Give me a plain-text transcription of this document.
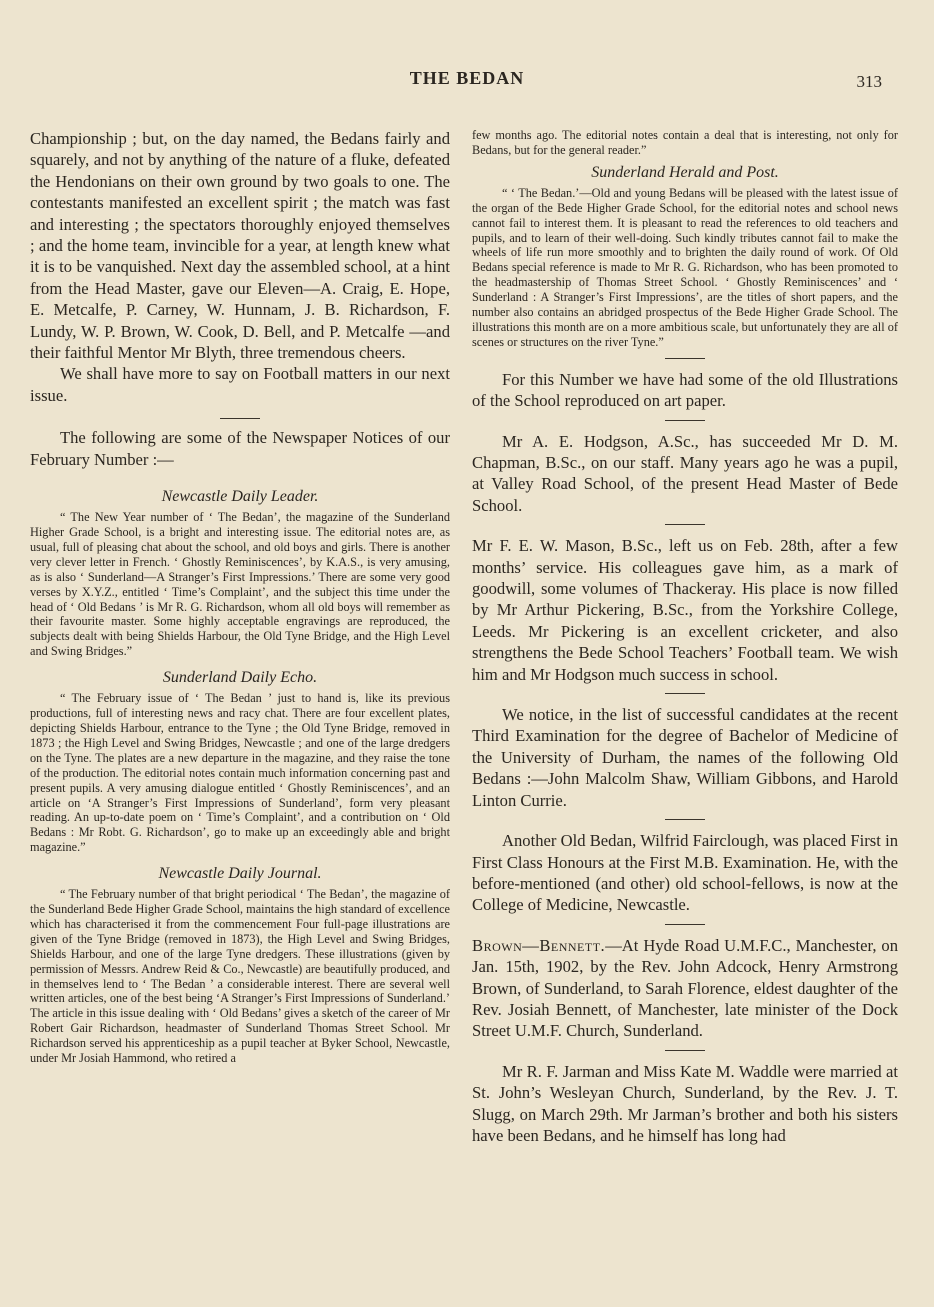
THE BEDAN	313

Championship ; but, on the day named, the Bedans fairly and squarely, and not by anything of the nature of a fluke, defeated the Hendonians on their own ground by two goals to one. The contestants manifested an excellent spirit ; the match was fast and interesting ; the spectators thoroughly enjoyed themselves ; and the home team, invincible for a year, at length knew what it is to be vanquished. Next day the assembled school, at a hint from the Head Master, gave our Eleven—A. Craig, E. Hope, E. Metcalfe, P. Carney, W. Hunnam, J. B. Richardson, F. Lundy, W. P. Brown, W. Cook, D. Bell, and P. Metcalfe —and their faithful Mentor Mr Blyth, three tremendous cheers.

We shall have more to say on Football matters in our next issue.

The following are some of the Newspaper Notices of our February Number :—

Newcastle Daily Leader.

“ The New Year number of ‘ The Bedan’, the magazine of the Sunderland Higher Grade School, is a bright and interesting issue. The editorial notes are, as usual, full of pleasing chat about the school, and old boys and girls. There is another very clever letter in French. ‘ Ghostly Reminiscences’, by K.A.S., is very amusing, as is also ‘ Sunderland—A Stranger’s First Impressions.’ There are some very good verses by X.Y.Z., entitled ‘ Time’s Complaint’, and the subject this time under the head of ‘ Old Bedans ’ is Mr R. G. Richardson, whom all old boys will remember as their favourite master. Some highly acceptable engravings are reproduced, the subjects dealt with being Shields Harbour, the Old Tyne Bridge, and the High Level and Swing Bridges.”

Sunderland Daily Echo.

“ The February issue of ‘ The Bedan ’ just to hand is, like its previous productions, full of interesting news and racy chat. There are four excellent plates, depicting Shields Harbour, entrance to the Tyne ; the Old Tyne Bridge, removed in 1873 ; the High Level and Swing Bridges, Newcastle ; and one of the large dredgers on the Tyne. The plates are a new departure in the magazine, and they raise the tone of the production. The editorial notes contain much information concerning past and present pupils. A very amusing dialogue entitled ‘ Ghostly Reminiscences’, and an article on ‘A Stranger’s First Impressions of Sunderland’, form very pleasant reading. An up-to-date poem on ‘ Time’s Complaint’, and a contribution on ‘ Old Bedans : Mr Robt. G. Richardson’, go to make up an exceedingly able and bright magazine.”

Newcastle Daily Journal.

“ The February number of that bright periodical ‘ The Bedan’, the magazine of the Sunderland Bede Higher Grade School, maintains the high standard of excellence which has characterised it from the commencement Four full-page illustrations are given of the Tyne Bridge (removed in 1873), the High Level and Swing Bridges, Shields Harbour, and one of the large Tyne dredgers. These illustrations (given by permission of Messrs. Andrew Reid & Co., Newcastle) are beautifully produced, and in themselves lend to ‘ The Bedan ’ a considerable interest. There are several well written articles, one of the best being ‘A Stranger’s First Impressions of Sunderland.’ The article in this issue dealing with ‘ Old Bedans’ gives a sketch of the career of Mr Robert Gair Richardson, headmaster of Sunderland Thomas Street School. Mr Richardson served his apprenticeship as a pupil teacher at Byker School, Newcastle, under Mr Josiah Hammond, who retired a

few months ago. The editorial notes contain a deal that is interesting, not only for Bedans, but for the general reader.”

Sunderland Herald and Post.

“ ‘ The Bedan.’—Old and young Bedans will be pleased with the latest issue of the organ of the Bede Higher Grade School, for the editorial notes and school news cannot fail to interest them. It is pleasant to read the references to old teachers and pupils, and to learn of their well-doing. Such kindly tributes cannot fail to make the wheels of life run more smoothly and to brighten the daily round of work. Of Old Bedans special reference is made to Mr R. G. Richardson, who has been promoted to the headmastership of Thomas Street School. ‘ Ghostly Reminiscences’ and ‘ Sunderland : A Stranger’s First Impressions’, are the titles of short papers, and the number also contains an abridged prospectus of the Bede Higher Grade School. The illustrations this month are on a more ambitious scale, but unfortunately they are all of scenes or structures on the river Tyne.”

For this Number we have had some of the old Illustrations of the School reproduced on art paper.

Mr A. E. Hodgson, A.Sc., has succeeded Mr D. M. Chapman, B.Sc., on our staff. Many years ago he was a pupil, at Valley Road School, of the present Head Master of Bede School.

Mr F. E. W. Mason, B.Sc., left us on Feb. 28th, after a few months’ service. His colleagues gave him, as a mark of goodwill, some volumes of Thackeray. His place is now filled by Mr Arthur Pickering, B.Sc., from the Yorkshire College, Leeds. Mr Pickering is an excellent cricketer, and also strengthens the Bede School Teachers’ Football team. We wish him and Mr Hodgson much success in school.

We notice, in the list of successful candidates at the recent Third Examination for the degree of Bachelor of Medicine of the University of Durham, the names of the following Old Bedans :—John Malcolm Shaw, William Gibbons, and Harold Linton Currie.

Another Old Bedan, Wilfrid Fairclough, was placed First in First Class Honours at the First M.B. Examination. He, with the before-mentioned (and other) old school-fellows, is now at the College of Medicine, Newcastle.

Brown—Bennett.—At Hyde Road U.M.F.C., Manchester, on Jan. 15th, 1902, by the Rev. John Adcock, Henry Armstrong Brown, of Sunderland, to Sarah Florence, eldest daughter of the Rev. Josiah Bennett, of Manchester, late minister of the Dock Street U.M.F. Church, Sunderland.

Mr R. F. Jarman and Miss Kate M. Waddle were married at St. John’s Wesleyan Church, Sunderland, by the Rev. J. T. Slugg, on March 29th. Mr Jarman’s brother and both his sisters have been Bedans, and he himself has long had
